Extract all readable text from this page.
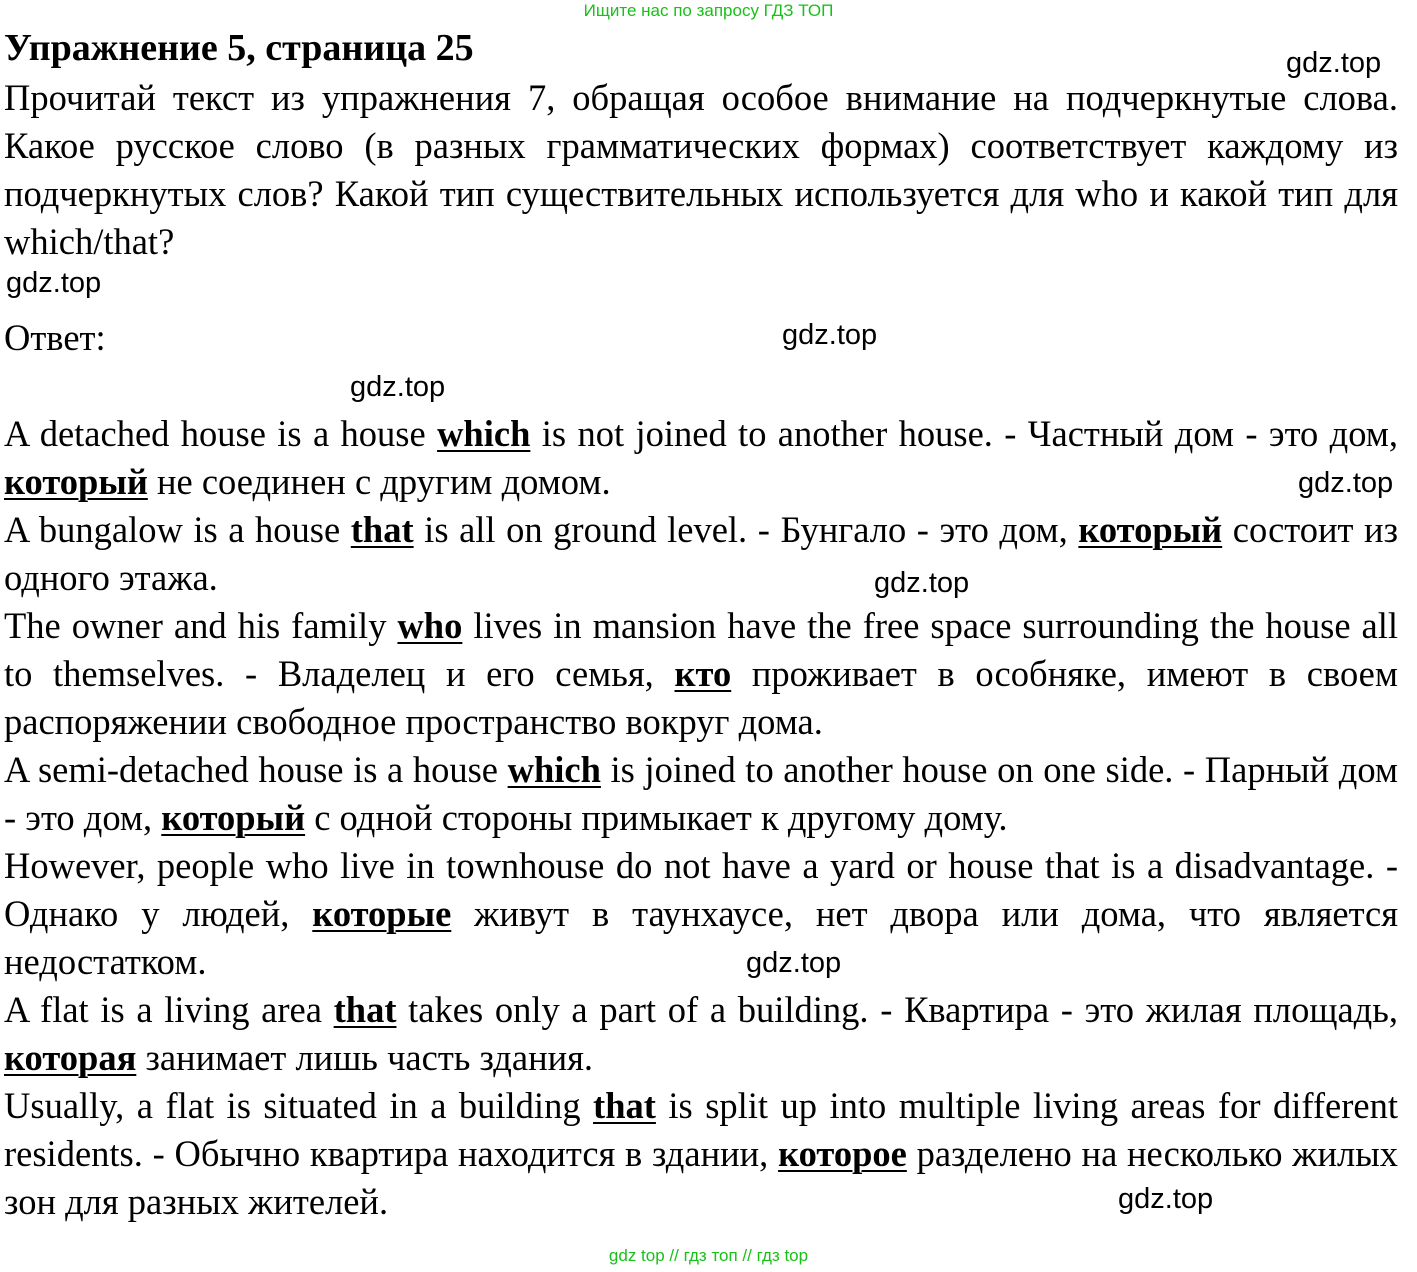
Ищите нас по запросу ГДЗ ТОП
Упражнение 5, страница 25

Прочитай текст из упражнения 7, обращая особое внимание на подчеркнутые слова. Какое русское слово (в разных грамматических формах) соответствует каждому из подчеркнутых слов? Какой тип существительных используется для who и какой тип для which/that?

Ответ:

A detached house is a house which is not joined to another house. - Частный дом - это дом, который не соединен с другим домом.

A bungalow is a house that is all on ground level. - Бунгало - это дом, который состоит из одного этажа.

The owner and his family who lives in mansion have the free space surrounding the house all to themselves. - Владелец и его семья, кто проживает в особняке, имеют в своем распоряжении свободное пространство вокруг дома.

A semi-detached house is a house which is joined to another house on one side. - Парный дом - это дом, который с одной стороны примыкает к другому дому.

However, people who live in townhouse do not have a yard or house that is a disadvantage. - Однако у людей, которые живут в таунхаусе, нет двора или дома, что является недостатком.

A flat is a living area that takes only a part of a building. - Квартира - это жилая площадь, которая занимает лишь часть здания.

Usually, a flat is situated in a building that is split up into multiple living areas for different residents. - Обычно квартира находится в здании, которое разделено на несколько жилых зон для разных жителей.

gdz.top
gdz.top
gdz.top
gdz.top
gdz.top
gdz.top
gdz.top
gdz.top
gdz top // гдз топ // гдз top
